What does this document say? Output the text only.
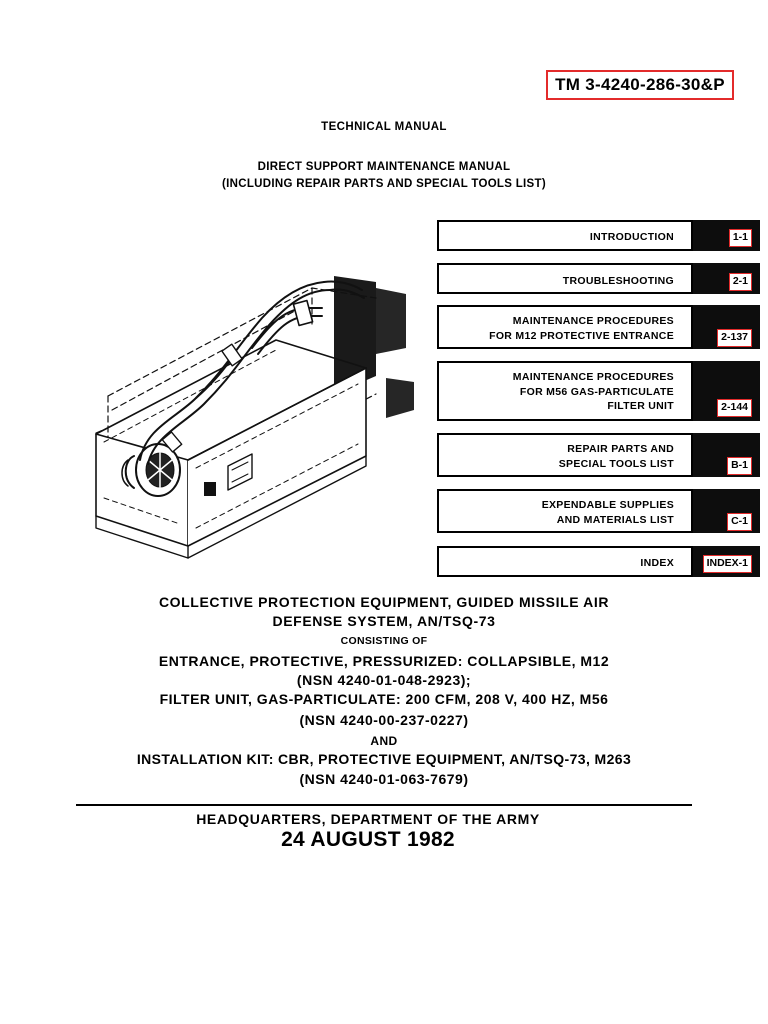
TM 3-4240-286-30&P
TECHNICAL MANUAL
DIRECT SUPPORT MAINTENANCE MANUAL
(INCLUDING REPAIR PARTS AND SPECIAL TOOLS LIST)
INTRODUCTION	1-1
TROUBLESHOOTING	2-1
MAINTENANCE PROCEDURES
FOR M12 PROTECTIVE ENTRANCE	2-137
MAINTENANCE PROCEDURES
FOR M56 GAS-PARTICULATE
FILTER UNIT	2-144
REPAIR PARTS AND
SPECIAL TOOLS LIST	B-1
EXPENDABLE SUPPLIES
AND MATERIALS LIST	C-1
INDEX	INDEX-1
COLLECTIVE PROTECTION EQUIPMENT, GUIDED MISSILE AIR
DEFENSE SYSTEM, AN/TSQ-73
CONSISTING OF
ENTRANCE, PROTECTIVE, PRESSURIZED: COLLAPSIBLE, M12
(NSN 4240-01-048-2923);
FILTER UNIT, GAS-PARTICULATE: 200 CFM, 208 V, 400 HZ, M56
(NSN 4240-00-237-0227)
AND
INSTALLATION KIT: CBR, PROTECTIVE EQUIPMENT, AN/TSQ-73, M263
(NSN 4240-01-063-7679)
HEADQUARTERS, DEPARTMENT OF THE ARMY
24 AUGUST 1982
